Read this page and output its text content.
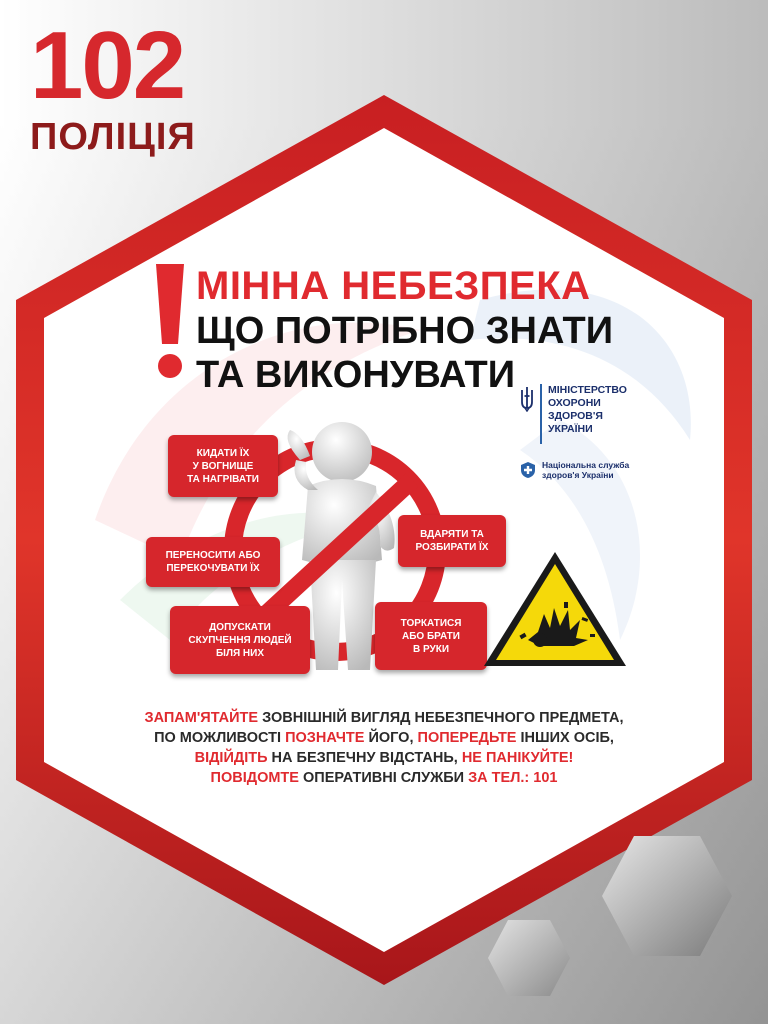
102
ПОЛІЦІЯ
МІННА НЕБЕЗПЕКА
ЩО ПОТРІБНО ЗНАТИ
ТА ВИКОНУВАТИ	МІНІСТЕРСТВО
ОХОРОНИ
ЗДОРОВ'Я
УКРАЇНИ
Національна служба
здоров'я України
КИДАТИ ЇХ
У ВОГНИЩЕ
ТА НАГРІВАТИ
ПЕРЕНОСИТИ АБО
ПЕРЕКОЧУВАТИ ЇХ
ДОПУСКАТИ
СКУПЧЕННЯ ЛЮДЕЙ
БІЛЯ НИХ
ВДАРЯТИ ТА
РОЗБИРАТИ ЇХ
ТОРКАТИСЯ
АБО БРАТИ
В РУКИ
ЗАПАМ'ЯТАЙТЕ ЗОВНІШНІЙ ВИГЛЯД НЕБЕЗПЕЧНОГО ПРЕДМЕТА,
ПО МОЖЛИВОСТІ ПОЗНАЧТЕ ЙОГО, ПОПЕРЕДЬТЕ ІНШИХ ОСІБ,
ВІДІЙДІТЬ НА БЕЗПЕЧНУ ВІДСТАНЬ, НЕ ПАНІКУЙТЕ!
ПОВІДОМТЕ ОПЕРАТИВНІ СЛУЖБИ ЗА ТЕЛ.: 101
